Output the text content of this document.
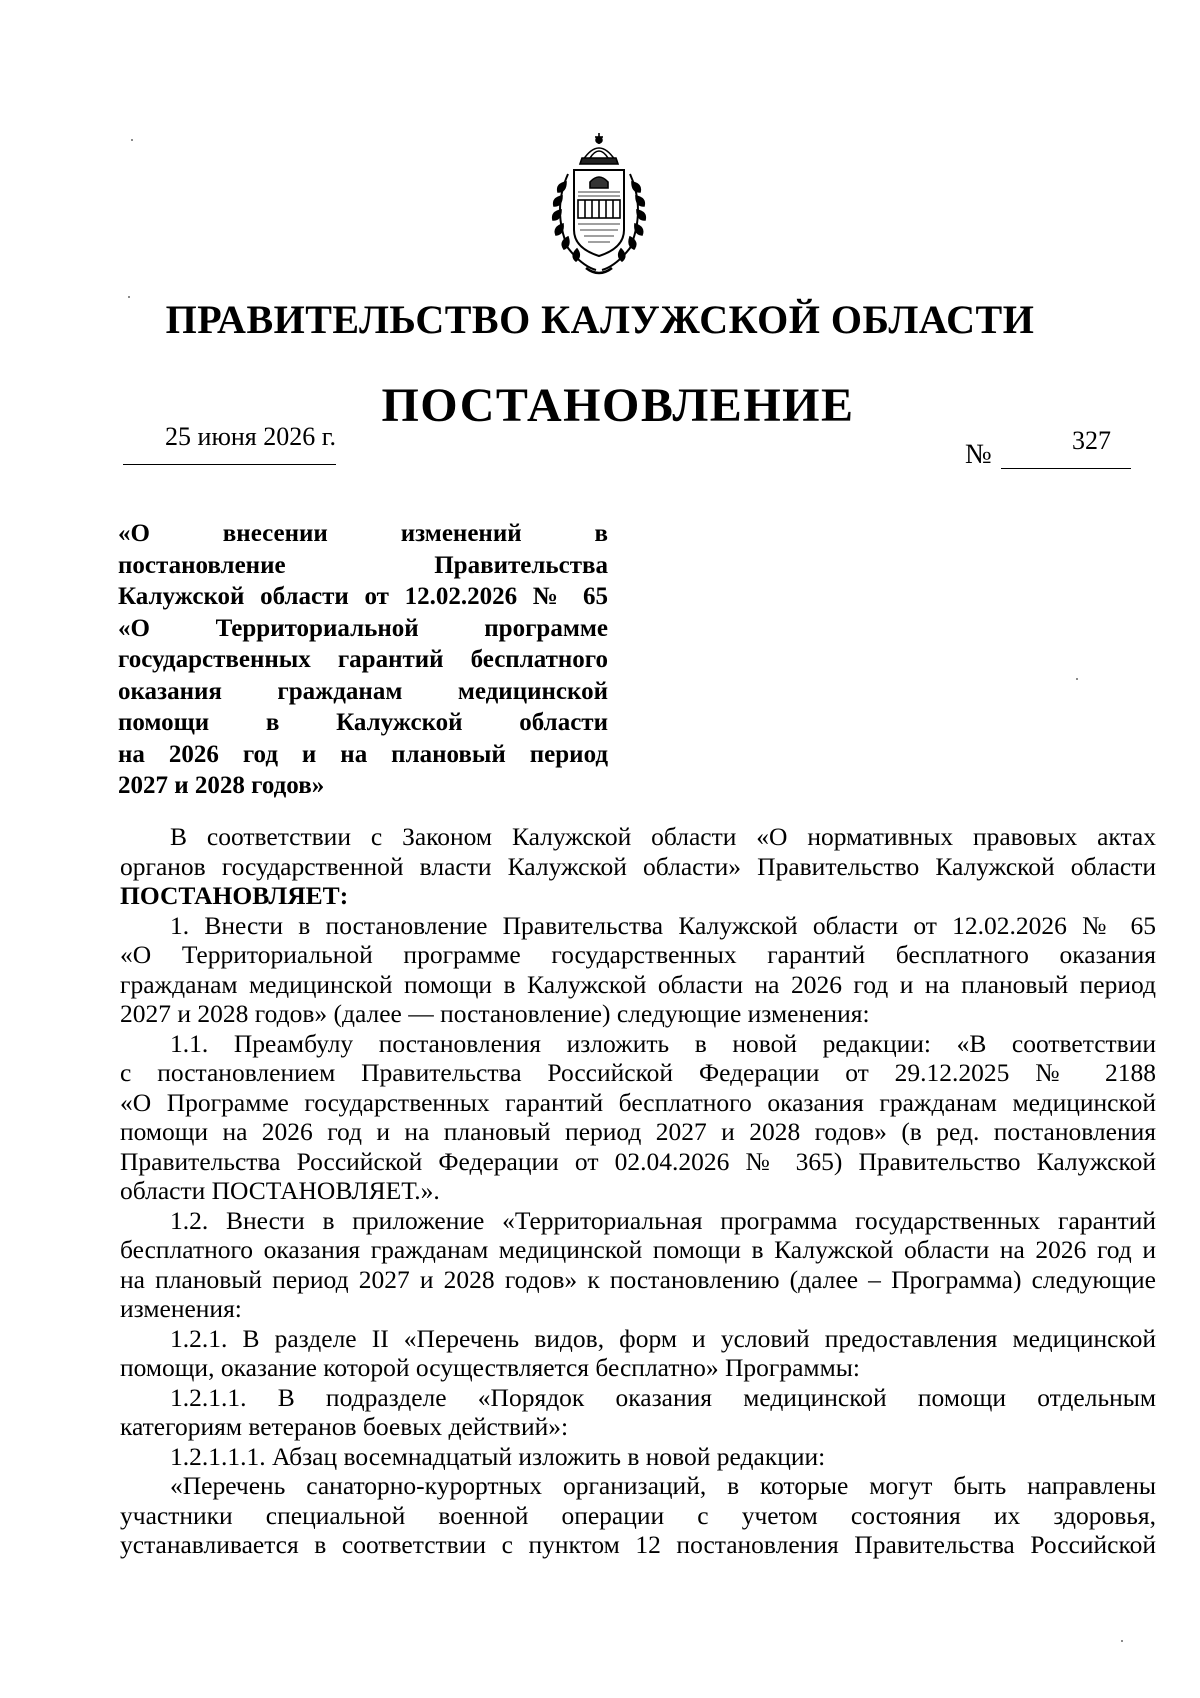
ПРАВИТЕЛЬСТВО КАЛУЖСКОЙ ОБЛАСТИ
ПОСТАНОВЛЕНИЕ
25 июня 2026 г.
№	327
«О внесении изменений в
постановление Правительства
Калужской области от 12.02.2026 № 65
«О Территориальной программе
государственных гарантий бесплатного
оказания гражданам медицинской
помощи в Калужской области
на 2026 год и на плановый период
2027 и 2028 годов»
В соответствии с Законом Калужской области «О нормативных правовых актах
органов государственной власти Калужской области» Правительство Калужской области
ПОСТАНОВЛЯЕТ:
1. Внести в постановление Правительства Калужской области от 12.02.2026 № 65
«О Территориальной программе государственных гарантий бесплатного оказания
гражданам медицинской помощи в Калужской области на 2026 год и на плановый период
2027 и 2028 годов» (далее — постановление) следующие изменения:
1.1. Преамбулу постановления изложить в новой редакции: «В соответствии
с постановлением Правительства Российской Федерации от 29.12.2025 № 2188
«О Программе государственных гарантий бесплатного оказания гражданам медицинской
помощи на 2026 год и на плановый период 2027 и 2028 годов» (в ред. постановления
Правительства Российской Федерации от 02.04.2026 № 365) Правительство Калужской
области ПОСТАНОВЛЯЕТ.».
1.2. Внести в приложение «Территориальная программа государственных гарантий
бесплатного оказания гражданам медицинской помощи в Калужской области на 2026 год и
на плановый период 2027 и 2028 годов» к постановлению (далее – Программа) следующие
изменения:
1.2.1. В разделе II «Перечень видов, форм и условий предоставления медицинской
помощи, оказание которой осуществляется бесплатно» Программы:
1.2.1.1. В подразделе «Порядок оказания медицинской помощи отдельным
категориям ветеранов боевых действий»:
1.2.1.1.1. Абзац восемнадцатый изложить в новой редакции:
«Перечень санаторно-курортных организаций, в которые могут быть направлены
участники специальной военной операции с учетом состояния их здоровья,
устанавливается в соответствии с пунктом 12 постановления Правительства Российской
